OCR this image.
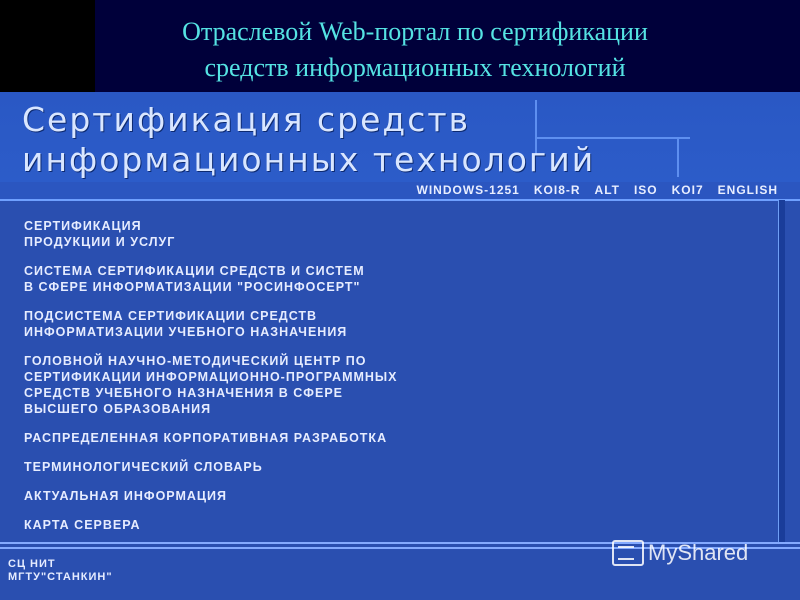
Отраслевой Web-портал по сертификации
средств информационных технологий
Сертификация средств
информационных технологий
WINDOWS-1251 KOI8-R ALT ISO KOI7 ENGLISH
СЕРТИФИКАЦИЯ
ПРОДУКЦИИ И УСЛУГ
СИСТЕМА СЕРТИФИКАЦИИ СРЕДСТВ И СИСТЕМ
В СФЕРЕ ИНФОРМАТИЗАЦИИ "РОСИНФОСЕРТ"
ПОДСИСТЕМА СЕРТИФИКАЦИИ СРЕДСТВ
ИНФОРМАТИЗАЦИИ УЧЕБНОГО НАЗНАЧЕНИЯ
ГОЛОВНОЙ НАУЧНО-МЕТОДИЧЕСКИЙ ЦЕНТР ПО
СЕРТИФИКАЦИИ ИНФОРМАЦИОННО-ПРОГРАММНЫХ
СРЕДСТВ УЧЕБНОГО НАЗНАЧЕНИЯ В СФЕРЕ
ВЫСШЕГО ОБРАЗОВАНИЯ
РАСПРЕДЕЛЕННАЯ КОРПОРАТИВНАЯ РАЗРАБОТКА
ТЕРМИНОЛОГИЧЕСКИЙ СЛОВАРЬ
АКТУАЛЬНАЯ ИНФОРМАЦИЯ
КАРТА СЕРВЕРА
СЦ НИТ
МГТУ"СТАНКИН"
MyShared
